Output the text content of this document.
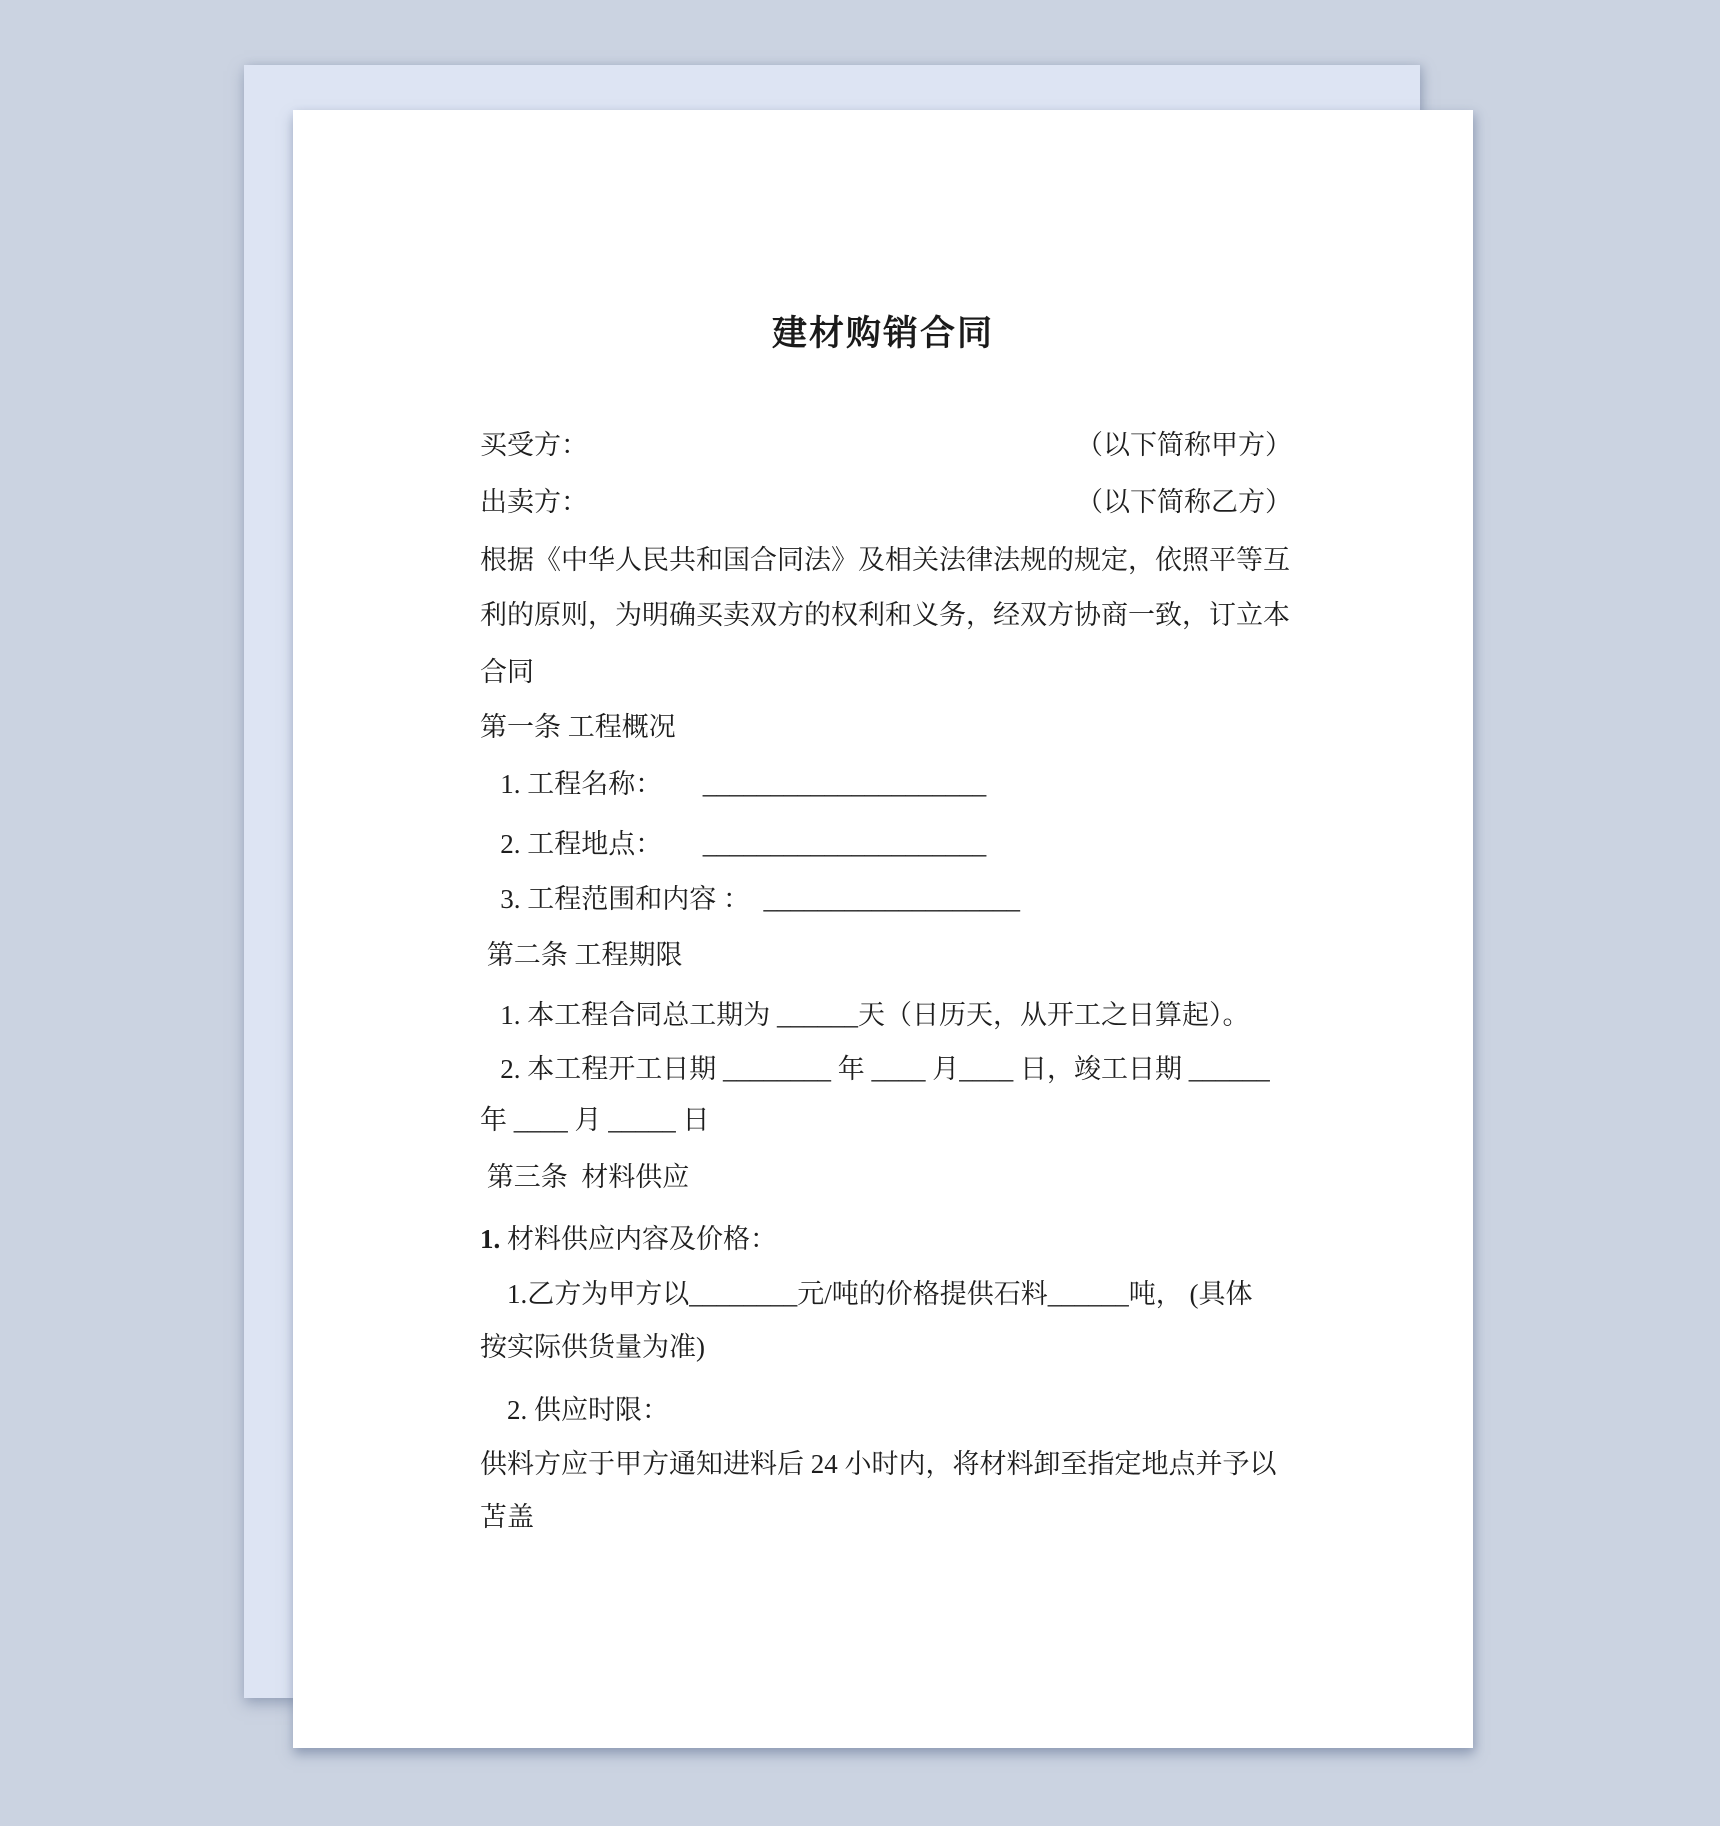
建材购销合同
买受方：	（以下简称甲方）
出卖方：	（以下简称乙方）

根据《中华人民共和国合同法》及相关法律法规的规定，依照平等互

利的原则，为明确买卖双方的权利和义务，经双方协商一致，订立本

合同

第一条 工程概况

1. 工程名称：      _____________________

2. 工程地点：      _____________________

3. 工程范围和内容 ：  ___________________

第二条 工程期限

1. 本工程合同总工期为 ______天（日历天，从开工之日算起）。

2. 本工程开工日期 ________ 年 ____ 月____ 日，竣工日期 ______

年 ____ 月 _____ 日

第三条  材料供应

1. 材料供应内容及价格：

1.乙方为甲方以________元/吨的价格提供石料______吨， (具体

按实际供货量为准)

2. 供应时限：

供料方应于甲方通知进料后 24 小时内，将材料卸至指定地点并予以

苫盖
